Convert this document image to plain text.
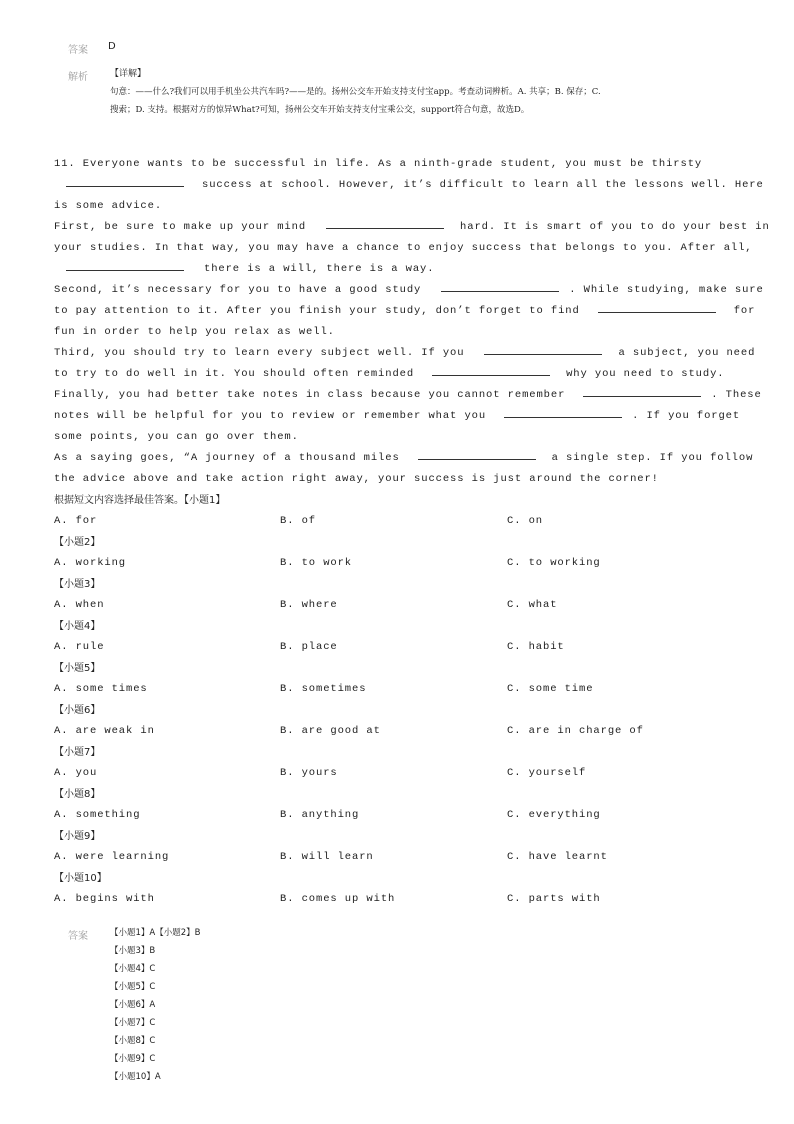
答案 D
解析 【详解】
句意：——什么?我们可以用手机坐公共汽车吗?——是的。扬州公交车开始支持支付宝app。考查动词辨析。A. 共享；B. 保存；C.
搜索；D. 支持。根据对方的惊异What?可知，扬州公交车开始支持支付宝乘公交，support符合句意，故选D。
11. Everyone wants to be successful in life. As a ninth-grade student, you must be thirsty
success at school. However, it’s difficult to learn all the lessons well. Here
is some advice.
First, be sure to make up your mind	hard. It is smart of you to do your best in
your studies. In that way, you may have a chance to enjoy success that belongs to you. After all,
there is a will, there is a way.
Second, it’s necessary for you to have a good study	. While studying, make sure
to pay attention to it. After you finish your study, don’t forget to find	for
fun in order to help you relax as well.
Third, you should try to learn every subject well. If you	a subject, you need
to try to do well in it. You should often reminded	why you need to study.
Finally, you had better take notes in class because you cannot remember	. These
notes will be helpful for you to review or remember what you	. If you forget
some points, you can go over them.
As a saying goes, “A journey of a thousand miles	a single step. If you follow
the advice above and take action right away, your success is just around the corner!
根据短文内容选择最佳答案。【小题1】
A. for	B. of	C. on
【小题2】
A. working	B. to work	C. to working
【小题3】
A. when	B. where	C. what
【小题4】
A. rule	B. place	C. habit
【小题5】
A. some times	B. sometimes	C. some time
【小题6】
A. are weak in	B. are good at	C. are in charge of
【小题7】
A. you	B. yours	C. yourself
【小题8】
A. something	B. anything	C. everything
【小题9】
A. were learning	B. will learn	C. have learnt
【小题10】
A. begins with	B. comes up with	C. parts with
答案	【小题1】A【小题2】B
【小题3】B
【小题4】C
【小题5】C
【小题6】A
【小题7】C
【小题8】C
【小题9】C
【小题10】A
